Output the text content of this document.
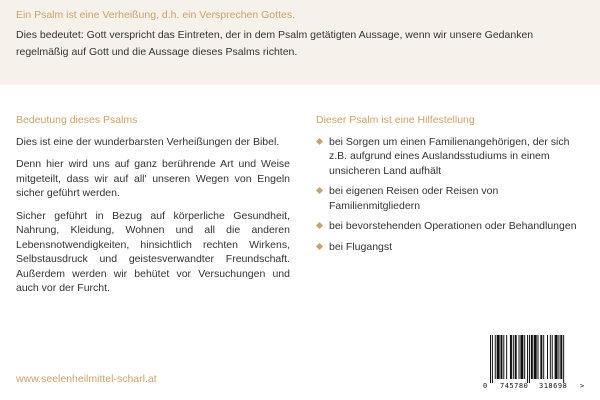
Ein Psalm ist eine Verheißung, d.h. ein Versprechen Gottes.

Dies bedeutet: Gott verspricht das Eintreten, der in dem Psalm getätigten Aussage, wenn wir unsere Gedanken regelmäßig auf Gott und die Aussage dieses Psalms richten.

Bedeutung dieses Psalms

Dies ist eine der wunderbarsten Verheißungen der Bibel.

Denn hier wird uns auf ganz berührende Art und Weise mitgeteilt, dass wir auf all' unseren Wegen von Engeln sicher geführt werden.

Sicher geführt in Bezug auf körperliche Gesundheit, Nahrung, Kleidung, Wohnen und all die anderen Lebensnotwendigkeiten, hinsichtlich rechten Wirkens, Selbstausdruck und geistesverwandter Freundschaft. Außerdem werden wir behütet vor Versuchungen und auch vor der Furcht.

Dieser Psalm ist eine Hilfestellung
bei Sorgen um einen Familienangehörigen, der sich z.B. aufgrund eines Auslandsstudiums in einem unsicheren Land aufhält
bei eigenen Reisen oder Reisen von Familienmitgliedern
bei bevorstehenden Operationen oder Behandlungen
bei Flugangst
www.seelenheilmittel-scharl.at
0 745780 318698 >
